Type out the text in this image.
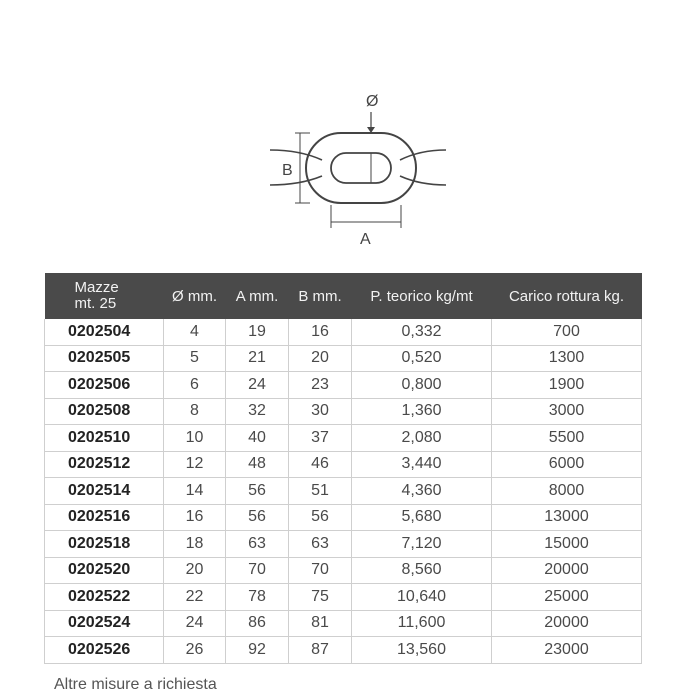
Ø
B
A
Mazze
mt. 25	Ø mm.	A mm.	B mm.	P. teorico kg/mt	Carico rottura kg.
0202504	4	19	16	0,332	700
0202505	5	21	20	0,520	1300
0202506	6	24	23	0,800	1900
0202508	8	32	30	1,360	3000
0202510	10	40	37	2,080	5500
0202512	12	48	46	3,440	6000
0202514	14	56	51	4,360	8000
0202516	16	56	56	5,680	13000
0202518	18	63	63	7,120	15000
0202520	20	70	70	8,560	20000
0202522	22	78	75	10,640	25000
0202524	24	86	81	11,600	20000
0202526	26	92	87	13,560	23000
Altre misure a richiesta
